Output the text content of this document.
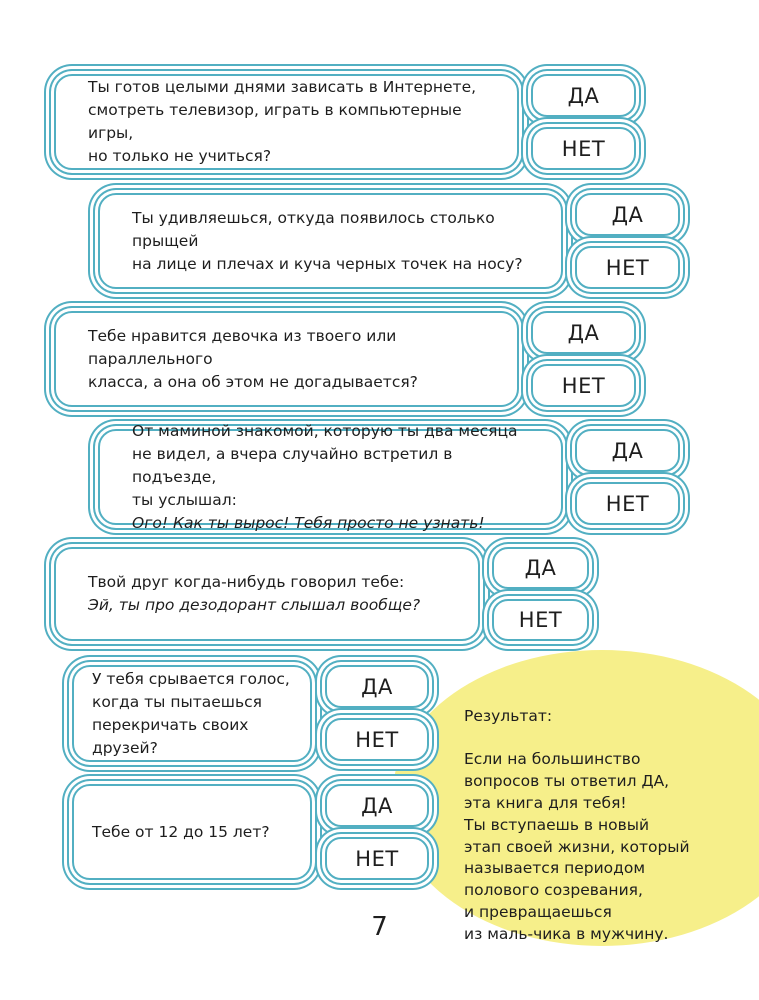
Ты готов целыми днями зависать в Интернете,
смотреть телевизор, играть в компьютерные игры,
но только не учиться?
ДА
НЕТ
Ты удивляешься, откуда появилось столько прыщей
на лице и плечах и куча черных точек на носу?
ДА
НЕТ
Тебе нравится девочка из твоего или параллельного
класса, а она об этом не догадывается?
ДА
НЕТ
От маминой знакомой, которую ты два месяца
не видел, а вчера случайно встретил в подъезде,
ты услышал:
Ого! Как ты вырос! Тебя просто не узнать!
ДА
НЕТ
Твой друг когда-нибудь говорил тебе:
Эй, ты про дезодорант слышал вообще?
ДА
НЕТ
У тебя срывается голос,
когда ты пытаешься
перекричать своих друзей?
ДА
НЕТ
Тебе от 12 до 15 лет?
ДА
НЕТ

Результат:

Если на большинство
вопросов ты ответил ДА,
эта книга для тебя!
Ты вступаешь в новый
этап своей жизни, который
называется периодом
полового созревания,
и превращаешься
из маль-чика в мужчину.

7
